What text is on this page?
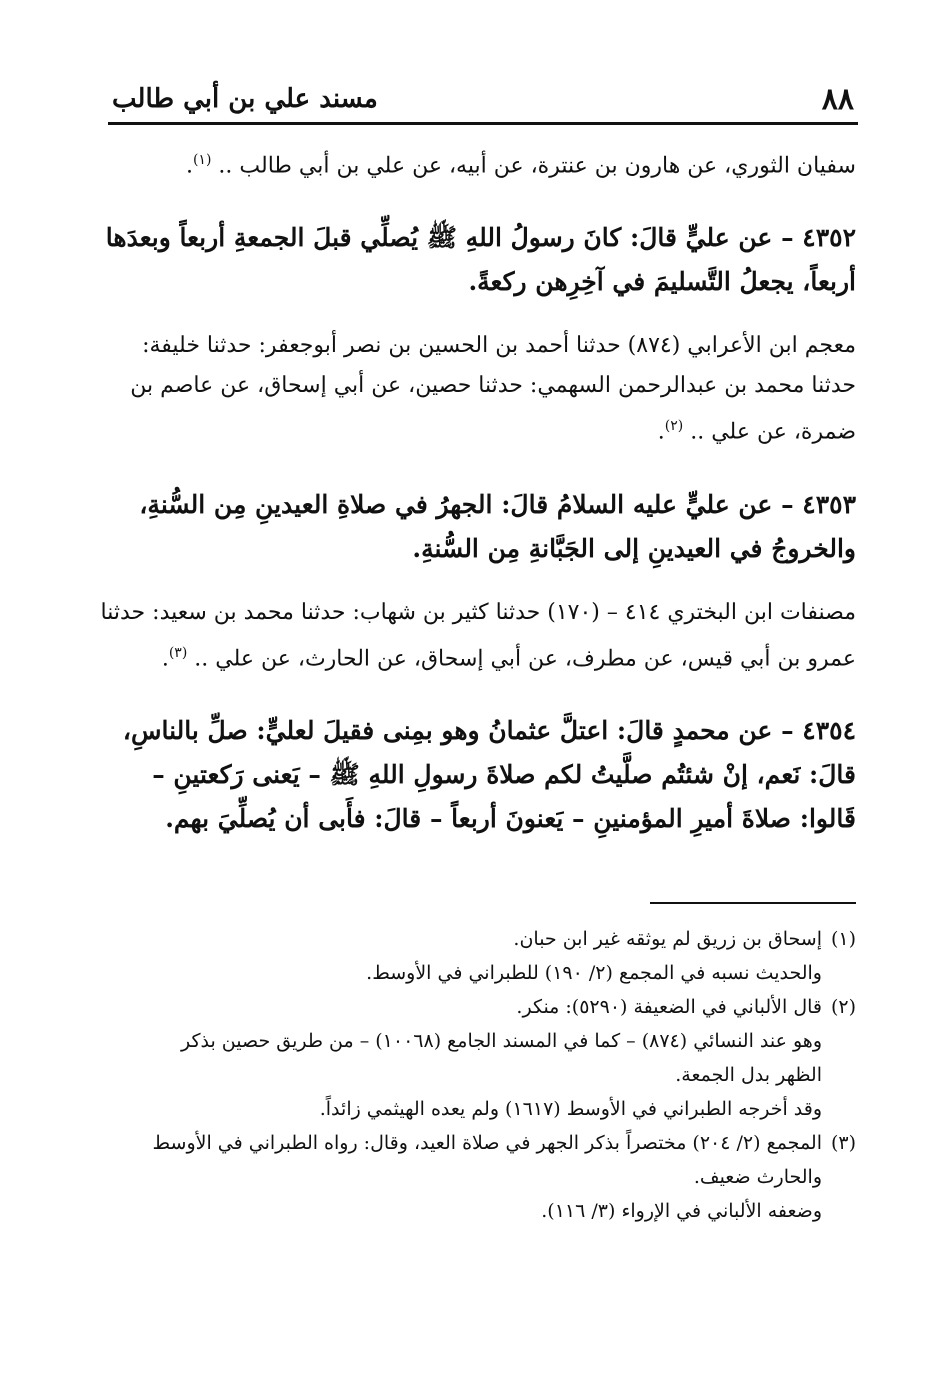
٨٨
مسند علي بن أبي طالب

سفيان الثوري، عن هارون بن عنترة، عن أبيه، عن علي بن أبي طالب .. $^{(١)}$.

٤٣٥٢ – عن عليٍّ قالَ: كانَ رسولُ اللهِ ﷺ يُصلِّي قبلَ الجمعةِ أربعاً وبعدَها أربعاً، يجعلُ التَّسليمَ في آخِرِهن ركعةً.

معجم ابن الأعرابي (٨٧٤) حدثنا أحمد بن الحسين بن نصر أبوجعفر: حدثنا خليفة: حدثنا محمد بن عبدالرحمن السهمي: حدثنا حصين، عن أبي إسحاق، عن عاصم بن ضمرة، عن علي .. $^{(٢)}$.

٤٣٥٣ – عن عليٍّ عليه السلامُ قالَ: الجهرُ في صلاةِ العيدينِ مِن السُّنةِ، والخروجُ في العيدينِ إلى الجَبَّانةِ مِن السُّنةِ.

مصنفات ابن البختري ٤١٤ – (١٧٠) حدثنا كثير بن شهاب: حدثنا محمد بن سعيد: حدثنا عمرو بن أبي قيس، عن مطرف، عن أبي إسحاق، عن الحارث، عن علي .. $^{(٣)}$.

٤٣٥٤ – عن محمدٍ قالَ: اعتلَّ عثمانُ وهو بمِنى فقيلَ لعليٍّ: صلِّ بالناسِ، قالَ: نَعم، إنْ شئتُم صلَّيتُ لكم صلاةَ رسولِ اللهِ ﷺ – يَعنى رَكعتينِ – قَالوا: صلاةَ أميرِ المؤمنينِ – يَعنونَ أربعاً – قالَ: فأَبى أن يُصلِّيَ بهم.

(١)
إسحاق بن زريق لم يوثقه غير ابن حبان.
والحديث نسبه في المجمع (٢/ ١٩٠) للطبراني في الأوسط.
(٢)
قال الألباني في الضعيفة (٥٢٩٠): منكر.
وهو عند النسائي (٨٧٤) – كما في المسند الجامع (١٠٠٦٨) – من طريق حصين بذكر الظهر بدل الجمعة.
وقد أخرجه الطبراني في الأوسط (١٦١٧) ولم يعده الهيثمي زائداً.
(٣)
المجمع (٢/ ٢٠٤) مختصراً بذكر الجهر في صلاة العيد، وقال: رواه الطبراني في الأوسط والحارث ضعيف.
وضعفه الألباني في الإرواء (٣/ ١١٦).
